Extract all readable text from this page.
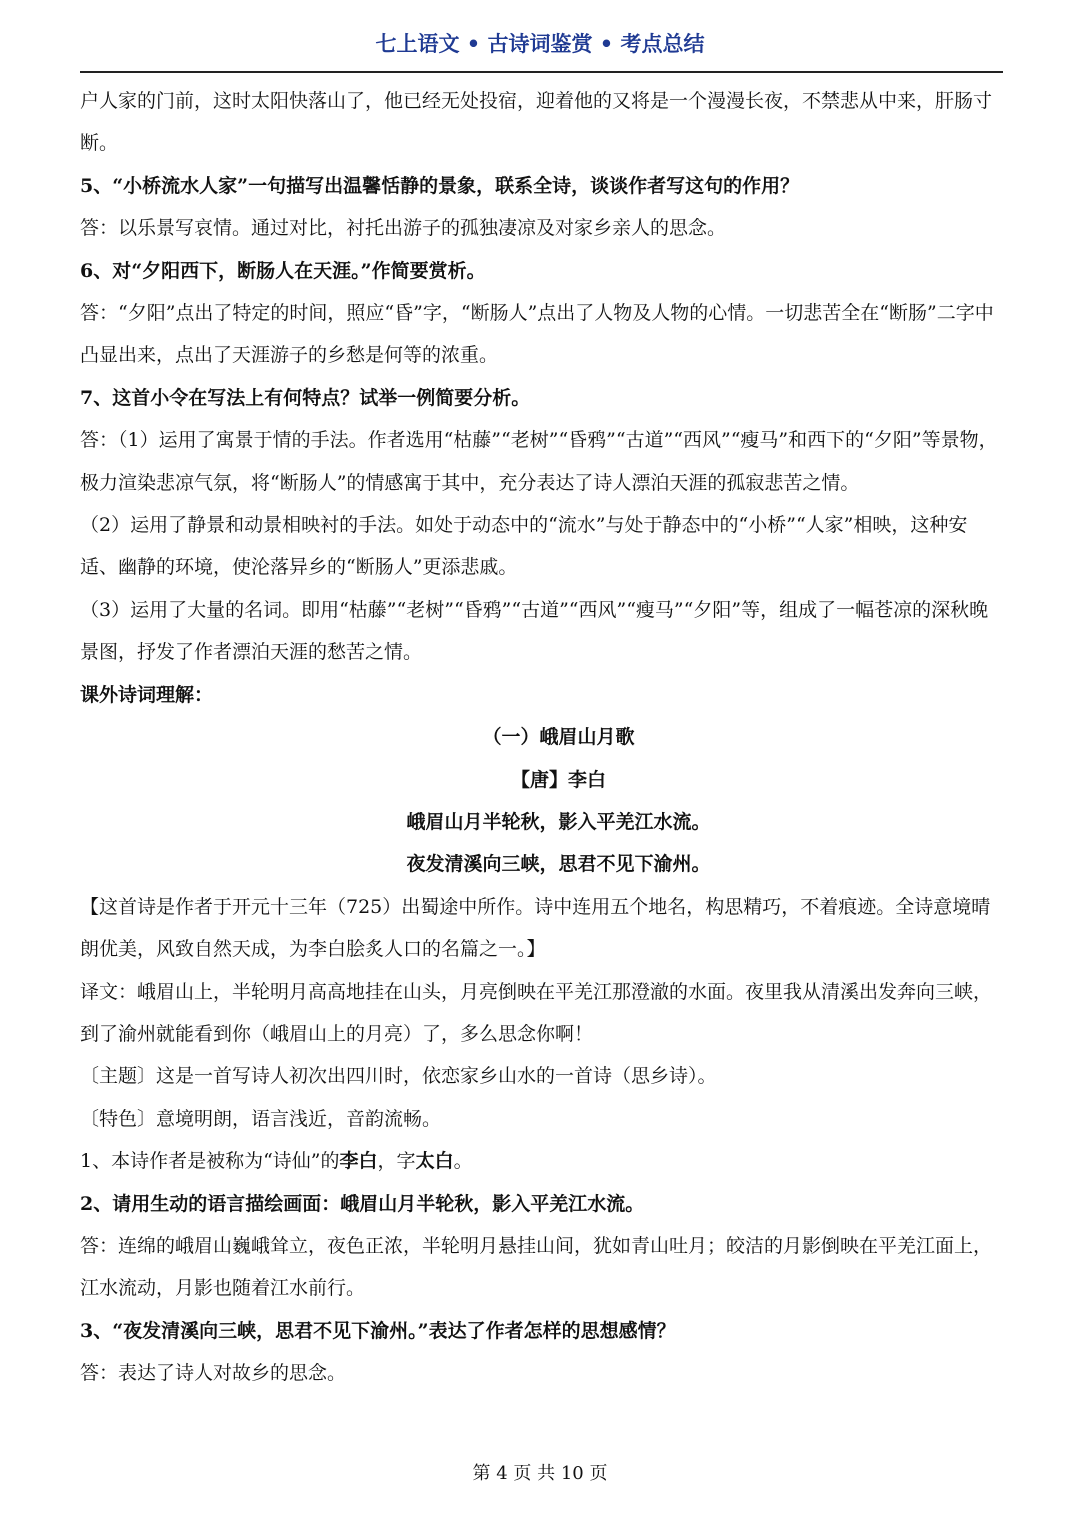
七上语文 • 古诗词鉴赏 • 考点总结

户人家的门前，这时太阳快落山了，他已经无处投宿，迎着他的又将是一个漫漫长夜，不禁悲从中来，肝肠寸断。

5、“小桥流水人家”一句描写出温馨恬静的景象，联系全诗，谈谈作者写这句的作用？

答：以乐景写哀情。通过对比，衬托出游子的孤独凄凉及对家乡亲人的思念。

6、对“夕阳西下，断肠人在天涯。”作简要赏析。

答：“夕阳”点出了特定的时间，照应“昏”字，“断肠人”点出了人物及人物的心情。一切悲苦全在“断肠”二字中凸显出来，点出了天涯游子的乡愁是何等的浓重。

7、这首小令在写法上有何特点？试举一例简要分析。

答：（1）运用了寓景于情的手法。作者选用“枯藤”“老树”“昏鸦”“古道”“西风”“瘦马”和西下的“夕阳”等景物，极力渲染悲凉气氛，将“断肠人”的情感寓于其中，充分表达了诗人漂泊天涯的孤寂悲苦之情。

（2）运用了静景和动景相映衬的手法。如处于动态中的“流水”与处于静态中的“小桥”“人家”相映，这种安适、幽静的环境，使沦落异乡的“断肠人”更添悲戚。

（3）运用了大量的名词。即用“枯藤”“老树”“昏鸦”“古道”“西风”“瘦马”“夕阳”等，组成了一幅苍凉的深秋晚景图，抒发了作者漂泊天涯的愁苦之情。

课外诗词理解：

（一）峨眉山月歌

【唐】李白

峨眉山月半轮秋，影入平羌江水流。

夜发清溪向三峡，思君不见下渝州。

【这首诗是作者于开元十三年（725）出蜀途中所作。诗中连用五个地名，构思精巧，不着痕迹。全诗意境晴朗优美，风致自然天成，为李白脍炙人口的名篇之一。】

译文：峨眉山上，半轮明月高高地挂在山头，月亮倒映在平羌江那澄澈的水面。夜里我从清溪出发奔向三峡，到了渝州就能看到你（峨眉山上的月亮）了，多么思念你啊！

〔主题〕这是一首写诗人初次出四川时，依恋家乡山水的一首诗（思乡诗）。

〔特色〕意境明朗，语言浅近，音韵流畅。

1、本诗作者是被称为“诗仙”的李白，字太白。

2、请用生动的语言描绘画面：峨眉山月半轮秋，影入平羌江水流。

答：连绵的峨眉山巍峨耸立，夜色正浓，半轮明月悬挂山间，犹如青山吐月；皎洁的月影倒映在平羌江面上，江水流动，月影也随着江水前行。

3、“夜发清溪向三峡，思君不见下渝州。”表达了作者怎样的思想感情？

答：表达了诗人对故乡的思念。

第 4 页 共 10 页
